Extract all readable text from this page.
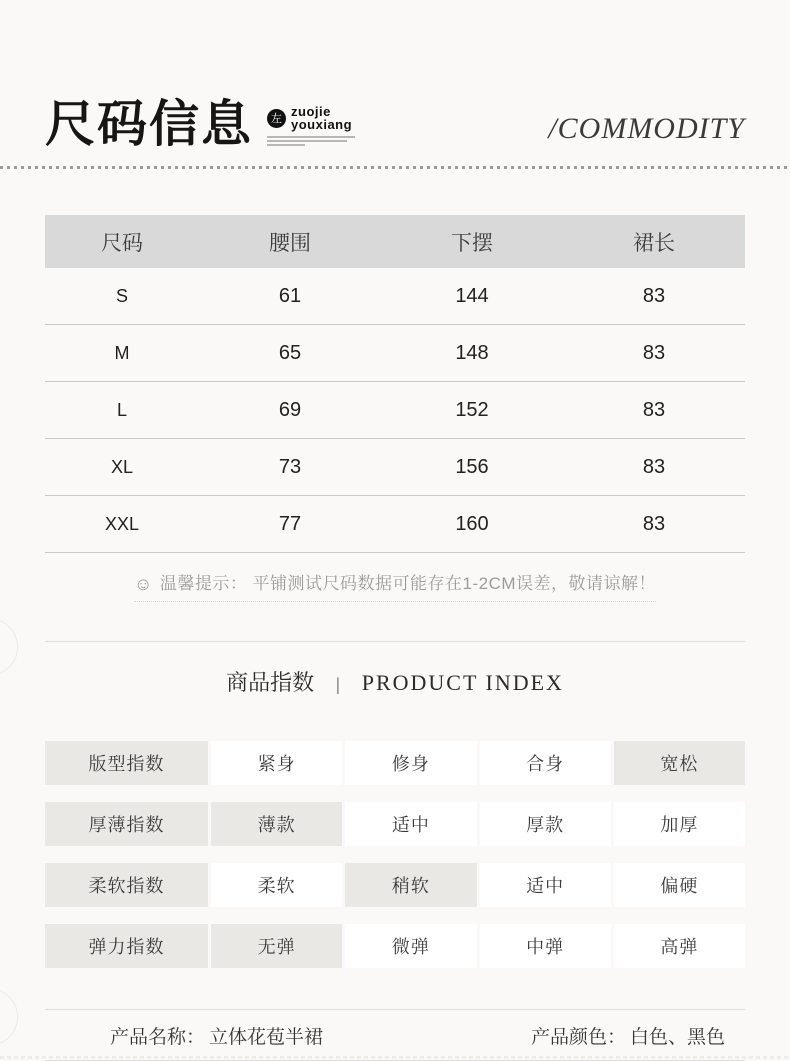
尺码信息	左 zuojie
youxiang	/COMMODITY
尺码	腰围	下摆	裙长
S	61	144	83
M	65	148	83
L	69	152	83
XL	73	156	83
XXL	77	160	83
☺ 温馨提示： 平铺测试尺码数据可能存在1-2CM误差，敬请谅解！
商品指数 | PRODUCT INDEX
版型指数	紧身	修身	合身	宽松
厚薄指数	薄款	适中	厚款	加厚
柔软指数	柔软	稍软	适中	偏硬
弹力指数	无弹	微弹	中弹	高弹
产品名称： 立体花苞半裙	产品颜色： 白色、黑色
